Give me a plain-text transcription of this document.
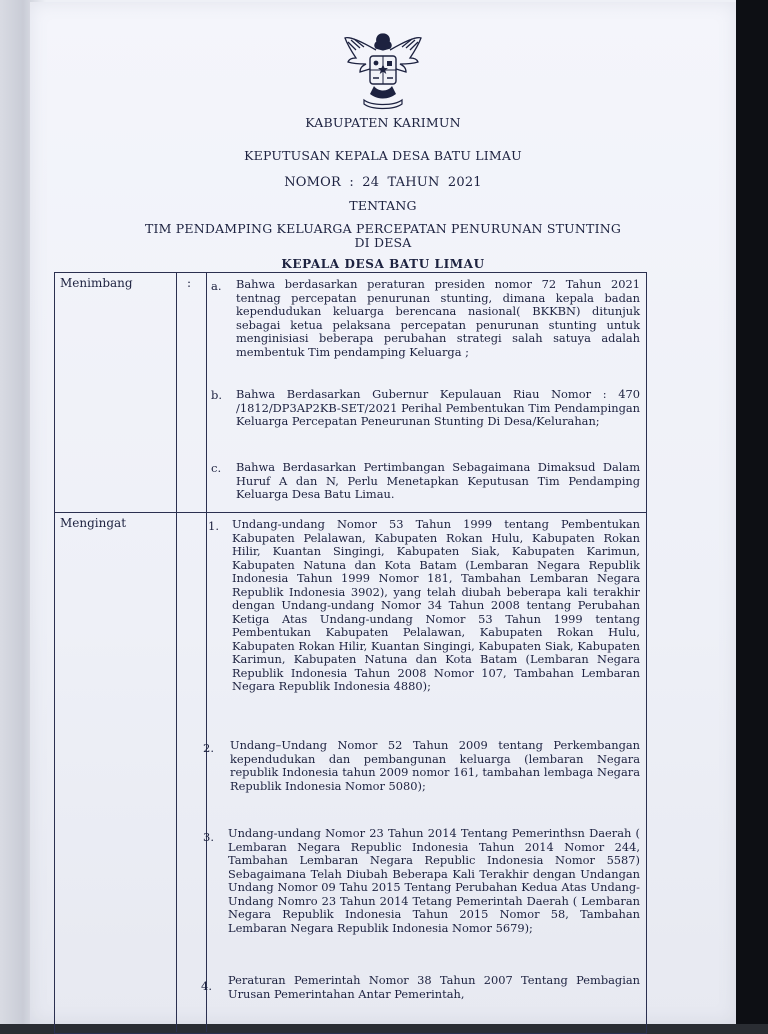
KABUPATEN KARIMUN
KEPUTUSAN KEPALA DESA BATU LIMAU
NOMOR : 24 TAHUN 2021
TENTANG
TIM PENDAMPING KELUARGA PERCEPATAN PENURUNAN STUNTING
DI DESA
KEPALA DESA BATU LIMAU
Menimbang	: a. Bahwa berdasarkan peraturan presiden nomor 72 Tahun 2021 tentnag percepatan penurunan stunting, dimana kepala badan kependudukan keluarga berencana nasional( BKKBN) ditunjuk sebagai ketua pelaksana percepatan penurunan stunting untuk menginisiasi beberapa perubahan strategi salah satuya adalah membentuk Tim pendamping Keluarga ;
b. Bahwa Berdasarkan Gubernur Kepulauan Riau Nomor : 470 /1812/DP3AP2KB-SET/2021 Perihal Pembentukan Tim Pendampingan Keluarga Percepatan Peneurunan Stunting Di Desa/Kelurahan;
c. Bahwa Berdasarkan Pertimbangan Sebagaimana Dimaksud Dalam Huruf A dan N, Perlu Menetapkan Keputusan Tim Pendamping Keluarga Desa Batu Limau.
Mengingat	1. Undang-undang Nomor 53 Tahun 1999 tentang Pembentukan Kabupaten Pelalawan, Kabupaten Rokan Hulu, Kabupaten Rokan Hilir, Kuantan Singingi, Kabupaten Siak, Kabupaten Karimun, Kabupaten Natuna dan Kota Batam (Lembaran Negara Republik Indonesia Tahun 1999 Nomor 181, Tambahan Lembaran Negara Republik Indonesia 3902), yang telah diubah beberapa kali terakhir dengan Undang-undang Nomor 34 Tahun 2008 tentang Perubahan Ketiga Atas Undang-undang Nomor 53 Tahun 1999 tentang Pembentukan Kabupaten Pelalawan, Kabupaten Rokan Hulu, Kabupaten Rokan Hilir, Kuantan Singingi, Kabupaten Siak, Kabupaten Karimun, Kabupaten Natuna dan Kota Batam (Lembaran Negara Republik Indonesia Tahun 2008 Nomor 107, Tambahan Lembaran Negara Republik Indonesia 4880);
2. Undang–Undang Nomor 52 Tahun 2009 tentang Perkembangan kependudukan dan pembangunan keluarga (lembaran Negara republik Indonesia tahun 2009 nomor 161, tambahan lembaga Negara Republik Indonesia Nomor 5080);
3. Undang-undang Nomor 23 Tahun 2014 Tentang Pemerinthsn Daerah ( Lembaran Negara Republic Indonesia Tahun 2014 Nomor 244, Tambahan Lembaran Negara Republic Indonesia Nomor 5587) Sebagaimana Telah Diubah Beberapa Kali Terakhir dengan Undangan Undang Nomor 09 Tahu 2015 Tentang Perubahan Kedua Atas Undang- Undang Nomro 23 Tahun 2014 Tetang Pemerintah Daerah ( Lembaran Negara Republik Indonesia Tahun 2015 Nomor 58, Tambahan Lembaran Negara Republik Indonesia Nomor 5679);
4. Peraturan Pemerintah Nomor 38 Tahun 2007 Tentang Pembagian Urusan Pemerintahan Antar Pemerintah,
